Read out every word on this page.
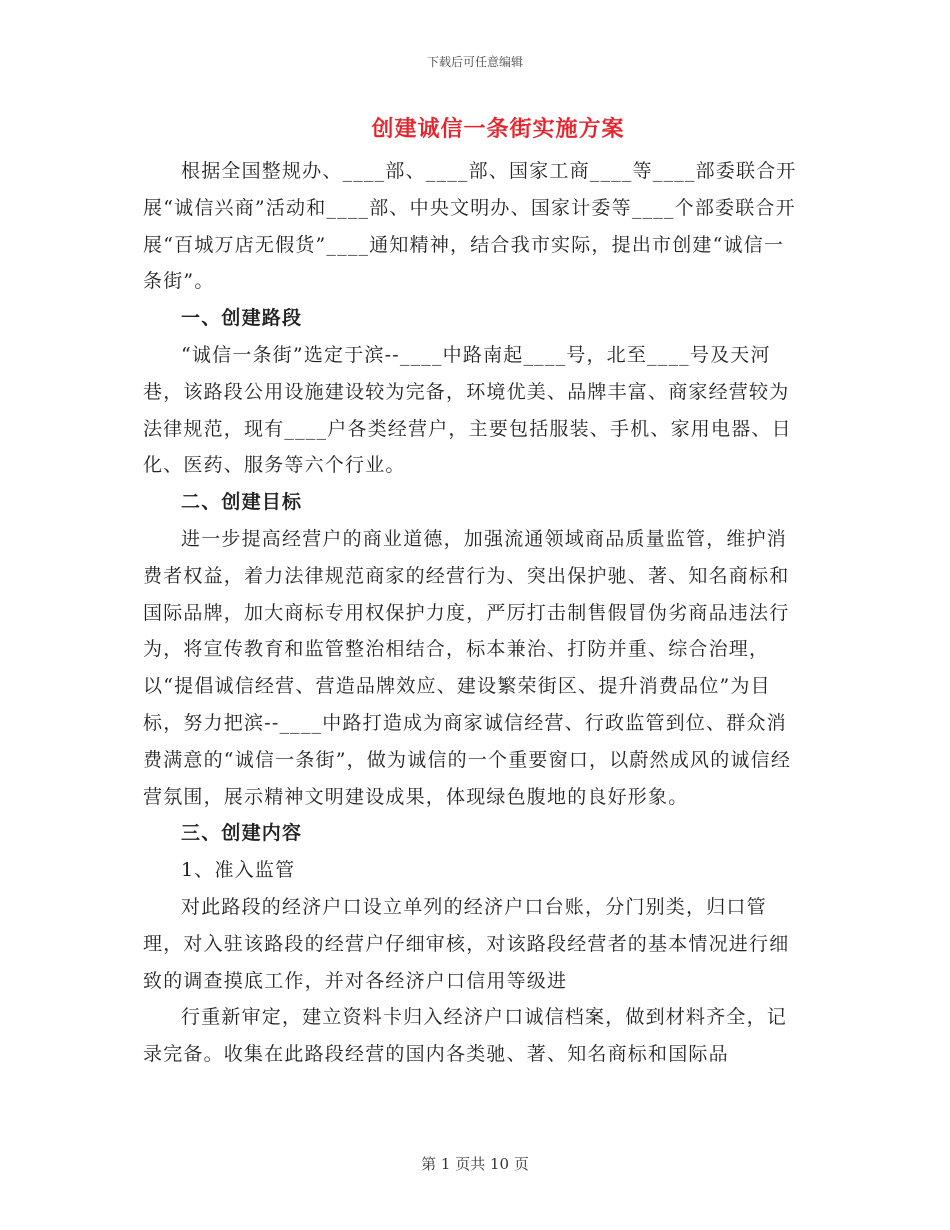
下载后可任意编辑
创建诚信一条街实施方案

根据全国整规办、____部、____部、国家工商____等____部委联合开展“诚信兴商”活动和____部、中央文明办、国家计委等____个部委联合开展“百城万店无假货”____通知精神，结合我市实际，提出市创建“诚信一条街”。

一、创建路段

“诚信一条街”选定于滨--____中路南起____号，北至____号及天河巷，该路段公用设施建设较为完备，环境优美、品牌丰富、商家经营较为法律规范，现有____户各类经营户，主要包括服装、手机、家用电器、日化、医药、服务等六个行业。

二、创建目标

进一步提高经营户的商业道德，加强流通领域商品质量监管，维护消费者权益，着力法律规范商家的经营行为、突出保护驰、著、知名商标和国际品牌，加大商标专用权保护力度，严厉打击制售假冒伪劣商品违法行为，将宣传教育和监管整治相结合，标本兼治、打防并重、综合治理，以“提倡诚信经营、营造品牌效应、建设繁荣街区、提升消费品位”为目标，努力把滨--____中路打造成为商家诚信经营、行政监管到位、群众消费满意的“诚信一条街”，做为诚信的一个重要窗口，以蔚然成风的诚信经营氛围，展示精神文明建设成果，体现绿色腹地的良好形象。

三、创建内容

1、准入监管

对此路段的经济户口设立单列的经济户口台账，分门别类，归口管理，对入驻该路段的经营户仔细审核，对该路段经营者的基本情况进行细致的调查摸底工作，并对各经济户口信用等级进

行重新审定，建立资料卡归入经济户口诚信档案，做到材料齐全，记录完备。收集在此路段经营的国内各类驰、著、知名商标和国际品

第 1 页共 10 页
